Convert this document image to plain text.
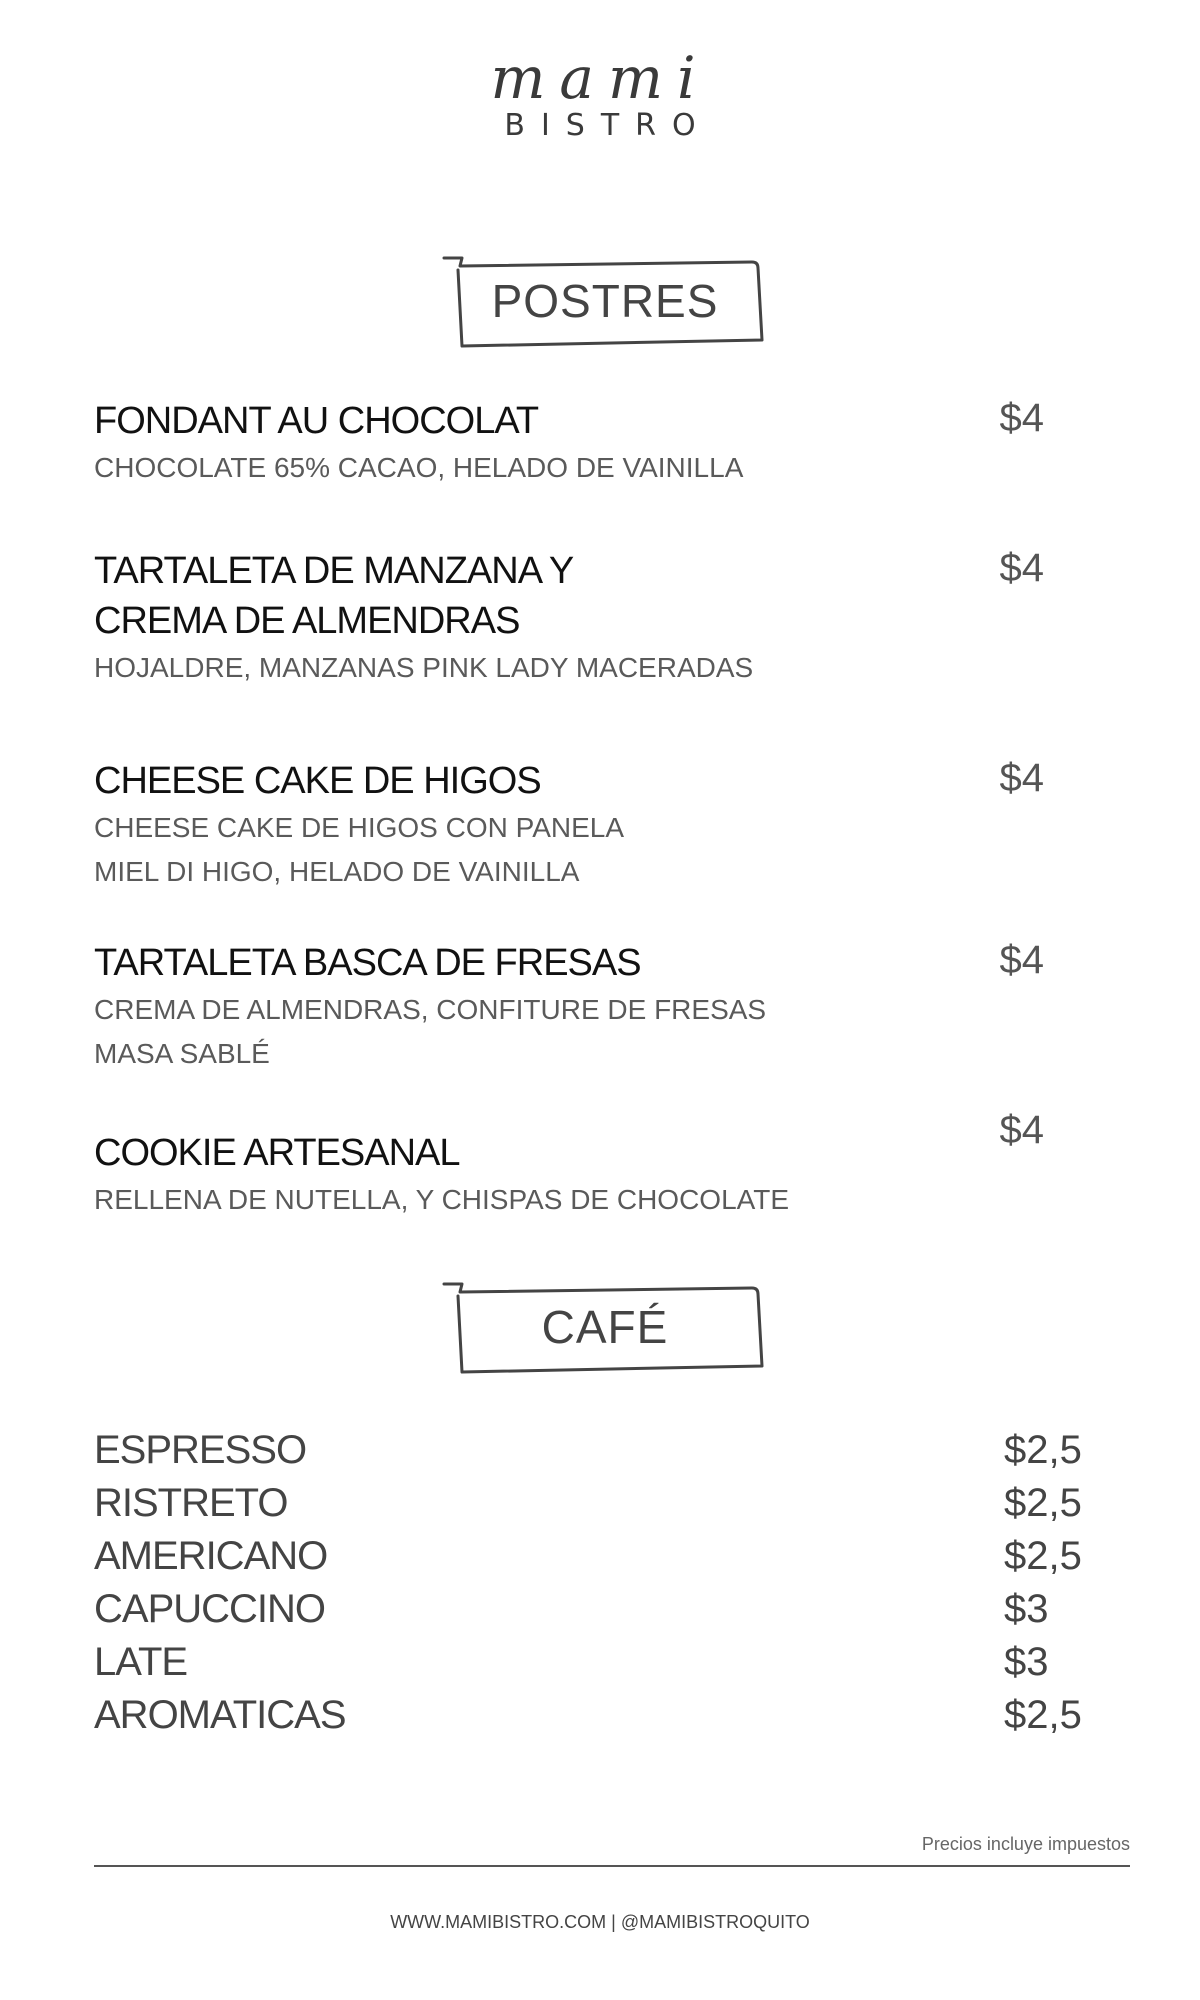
mami
BISTRO
POSTRES
FONDANT AU CHOCOLAT
CHOCOLATE 65% CACAO, HELADO DE VAINILLA
$4
TARTALETA DE MANZANA Y CREMA DE ALMENDRAS
HOJALDRE, MANZANAS PINK LADY MACERADAS
$4
CHEESE CAKE DE HIGOS
CHEESE CAKE DE HIGOS CON PANELA
MIEL DI HIGO, HELADO DE VAINILLA
$4
TARTALETA BASCA DE FRESAS
CREMA DE ALMENDRAS, CONFITURE DE FRESAS
MASA SABLÉ
$4
COOKIE ARTESANAL
RELLENA DE NUTELLA, Y CHISPAS DE CHOCOLATE
$4
CAFÉ
ESPRESSO	$2,5
RISTRETO	$2,5
AMERICANO	$2,5
CAPUCCINO	$3
LATE	$3
AROMATICAS	$2,5
Precios incluye impuestos
WWW.MAMIBISTRO.COM | @MAMIBISTROQUITO
